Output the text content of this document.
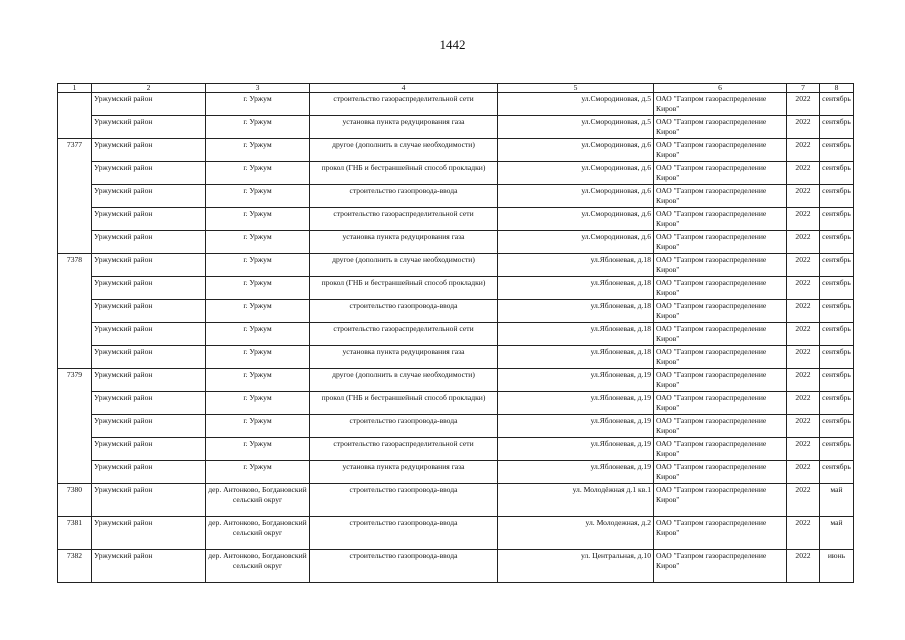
1442
1	2	3	4	5	6	7	8
	Уржумский район	г. Уржум	строительство газораспределительной сети	ул.Смородиновая, д.5	ОАО "Газпром газораспределение Киров"	2022	сентябрь
	Уржумский район	г. Уржум	установка пункта редуцирования газа	ул.Смородиновая, д.5	ОАО "Газпром газораспределение Киров"	2022	сентябрь
7377	Уржумский район	г. Уржум	другое (дополнить в случае необходимости)	ул.Смородиновая, д.6	ОАО "Газпром газораспределение Киров"	2022	сентябрь
	Уржумский район	г. Уржум	прокол (ГНБ и бестраншейный способ прокладки)	ул.Смородиновая, д.6	ОАО "Газпром газораспределение Киров"	2022	сентябрь
	Уржумский район	г. Уржум	строительство газопровода-ввода	ул.Смородиновая, д.6	ОАО "Газпром газораспределение Киров"	2022	сентябрь
	Уржумский район	г. Уржум	строительство газораспределительной сети	ул.Смородиновая, д.6	ОАО "Газпром газораспределение Киров"	2022	сентябрь
	Уржумский район	г. Уржум	установка пункта редуцирования газа	ул.Смородиновая, д.6	ОАО "Газпром газораспределение Киров"	2022	сентябрь
7378	Уржумский район	г. Уржум	другое (дополнить в случае необходимости)	ул.Яблоневая, д.18	ОАО "Газпром газораспределение Киров"	2022	сентябрь
	Уржумский район	г. Уржум	прокол (ГНБ и бестраншейный способ прокладки)	ул.Яблоневая, д.18	ОАО "Газпром газораспределение Киров"	2022	сентябрь
	Уржумский район	г. Уржум	строительство газопровода-ввода	ул.Яблоневая, д.18	ОАО "Газпром газораспределение Киров"	2022	сентябрь
	Уржумский район	г. Уржум	строительство газораспределительной сети	ул.Яблоневая, д.18	ОАО "Газпром газораспределение Киров"	2022	сентябрь
	Уржумский район	г. Уржум	установка пункта редуцирования газа	ул.Яблоневая, д.18	ОАО "Газпром газораспределение Киров"	2022	сентябрь
7379	Уржумский район	г. Уржум	другое (дополнить в случае необходимости)	ул.Яблоневая, д.19	ОАО "Газпром газораспределение Киров"	2022	сентябрь
	Уржумский район	г. Уржум	прокол (ГНБ и бестраншейный способ прокладки)	ул.Яблоневая, д.19	ОАО "Газпром газораспределение Киров"	2022	сентябрь
	Уржумский район	г. Уржум	строительство газопровода-ввода	ул.Яблоневая, д.19	ОАО "Газпром газораспределение Киров"	2022	сентябрь
	Уржумский район	г. Уржум	строительство газораспределительной сети	ул.Яблоневая, д.19	ОАО "Газпром газораспределение Киров"	2022	сентябрь
	Уржумский район	г. Уржум	установка пункта редуцирования газа	ул.Яблоневая, д.19	ОАО "Газпром газораспределение Киров"	2022	сентябрь
7380	Уржумский район	дер. Антонково, Богдановский сельский округ	строительство газопровода-ввода	ул. Молодёжная д.1 кв.1	ОАО "Газпром газораспределение Киров"	2022	май
7381	Уржумский район	дер. Антонково, Богдановский сельский округ	строительство газопровода-ввода	ул. Молодежная, д.2	ОАО "Газпром газораспределение Киров"	2022	май
7382	Уржумский район	дер. Антонково, Богдановский сельский округ	строительство газопровода-ввода	ул. Центральная, д.10	ОАО "Газпром газораспределение Киров"	2022	июнь
